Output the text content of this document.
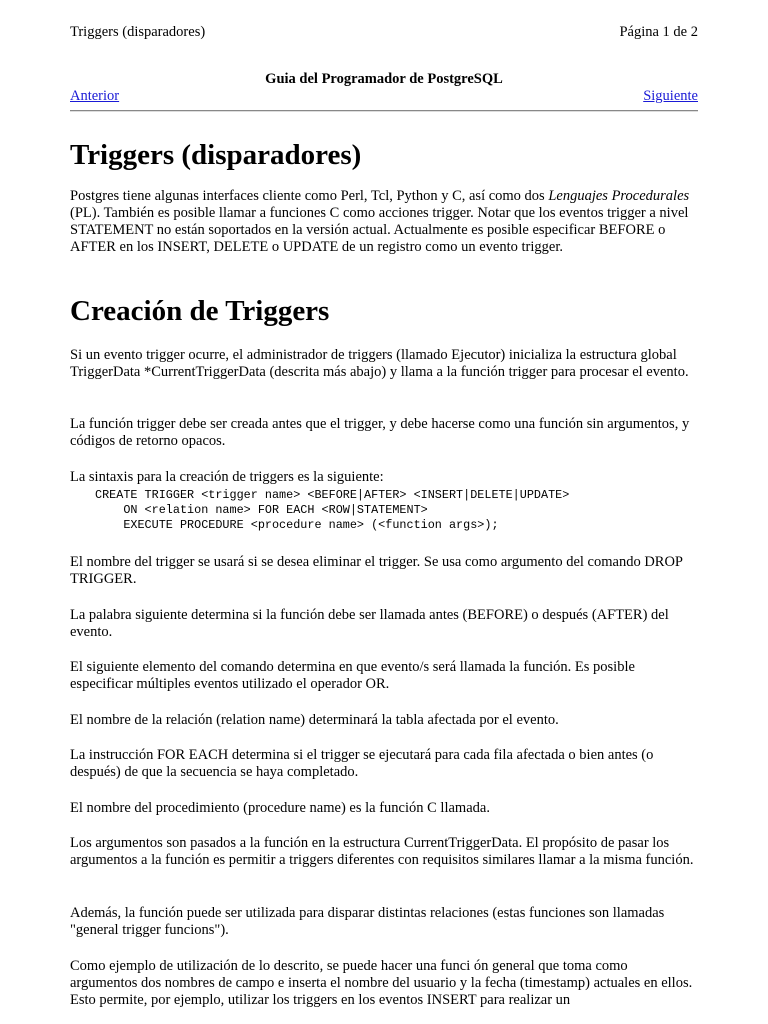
Triggers (disparadores)	Página 1 de 2
Guia del Programador de PostgreSQL
Anterior	Siguiente
Triggers (disparadores)

Postgres tiene algunas interfaces cliente como Perl, Tcl, Python y C, así como dos Lenguajes Procedurales (PL). También es posible llamar a funciones C como acciones trigger. Notar que los eventos trigger a nivel STATEMENT no están soportados en la versión actual. Actualmente es posible especificar BEFORE o AFTER en los INSERT, DELETE o UPDATE de un registro como un evento trigger.

Creación de Triggers

Si un evento trigger ocurre, el administrador de triggers (llamado Ejecutor) inicializa la estructura global TriggerData *CurrentTriggerData (descrita más abajo) y llama a la función trigger para procesar el evento.

La función trigger debe ser creada antes que el trigger, y debe hacerse como una función sin argumentos, y códigos de retorno opacos.

La sintaxis para la creación de triggers es la siguiente:

CREATE TRIGGER <trigger name> <BEFORE|AFTER> <INSERT|DELETE|UPDATE>
ON <relation name> FOR EACH <ROW|STATEMENT>
EXECUTE PROCEDURE <procedure name> (<function args>);

El nombre del trigger se usará si se desea eliminar el trigger. Se usa como argumento del comando DROP TRIGGER.

La palabra siguiente determina si la función debe ser llamada antes (BEFORE) o después (AFTER) del evento.

El siguiente elemento del comando determina en que evento/s será llamada la función. Es posible especificar múltiples eventos utilizado el operador OR.

El nombre de la relación (relation name) determinará la tabla afectada por el evento.

La instrucción FOR EACH determina si el trigger se ejecutará para cada fila afectada o bien antes (o después) de que la secuencia se haya completado.

El nombre del procedimiento (procedure name) es la función C llamada.

Los argumentos son pasados a la función en la estructura CurrentTriggerData. El propósito de pasar los argumentos a la función es permitir a triggers diferentes con requisitos similares llamar a la misma función.

Además, la función puede ser utilizada para disparar distintas relaciones (estas funciones son llamadas "general trigger funcions").

Como ejemplo de utilización de lo descrito, se puede hacer una funci ón general que toma como argumentos dos nombres de campo e inserta el nombre del usuario y la fecha (timestamp) actuales en ellos. Esto permite, por ejemplo, utilizar los triggers en los eventos INSERT para realizar un
